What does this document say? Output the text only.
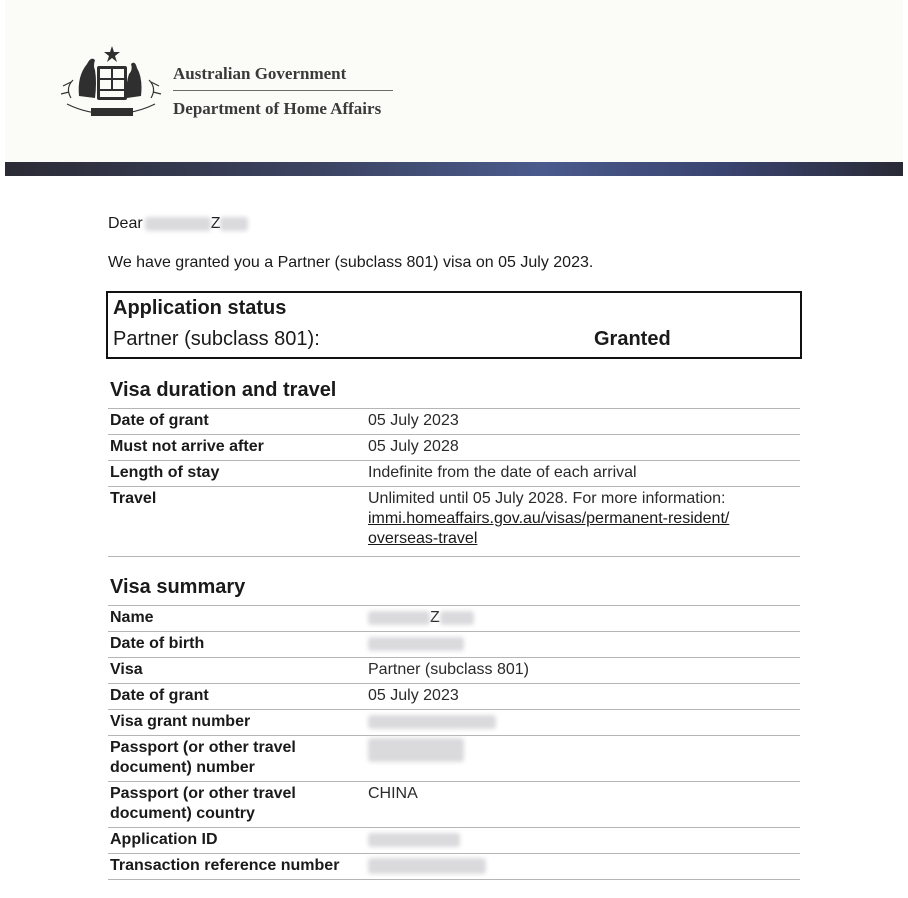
Australian Government
Department of Home Affairs
Dear	Z
We have granted you a Partner (subclass 801) visa on 05 July 2023.
Application status
Partner (subclass 801):	Granted
Visa duration and travel
Date of grant	05 July 2023
Must not arrive after	05 July 2028
Length of stay	Indefinite from the date of each arrival
Travel	Unlimited until 05 July 2028. For more information:
immi.homeaffairs.gov.au/visas/permanent-resident/
overseas-travel
Visa summary
Name	Z
Date of birth	
Visa	Partner (subclass 801)
Date of grant	05 July 2023
Visa grant number	
Passport (or other travel
document) number	
Passport (or other travel
document) country	CHINA
Application ID	
Transaction reference number	
